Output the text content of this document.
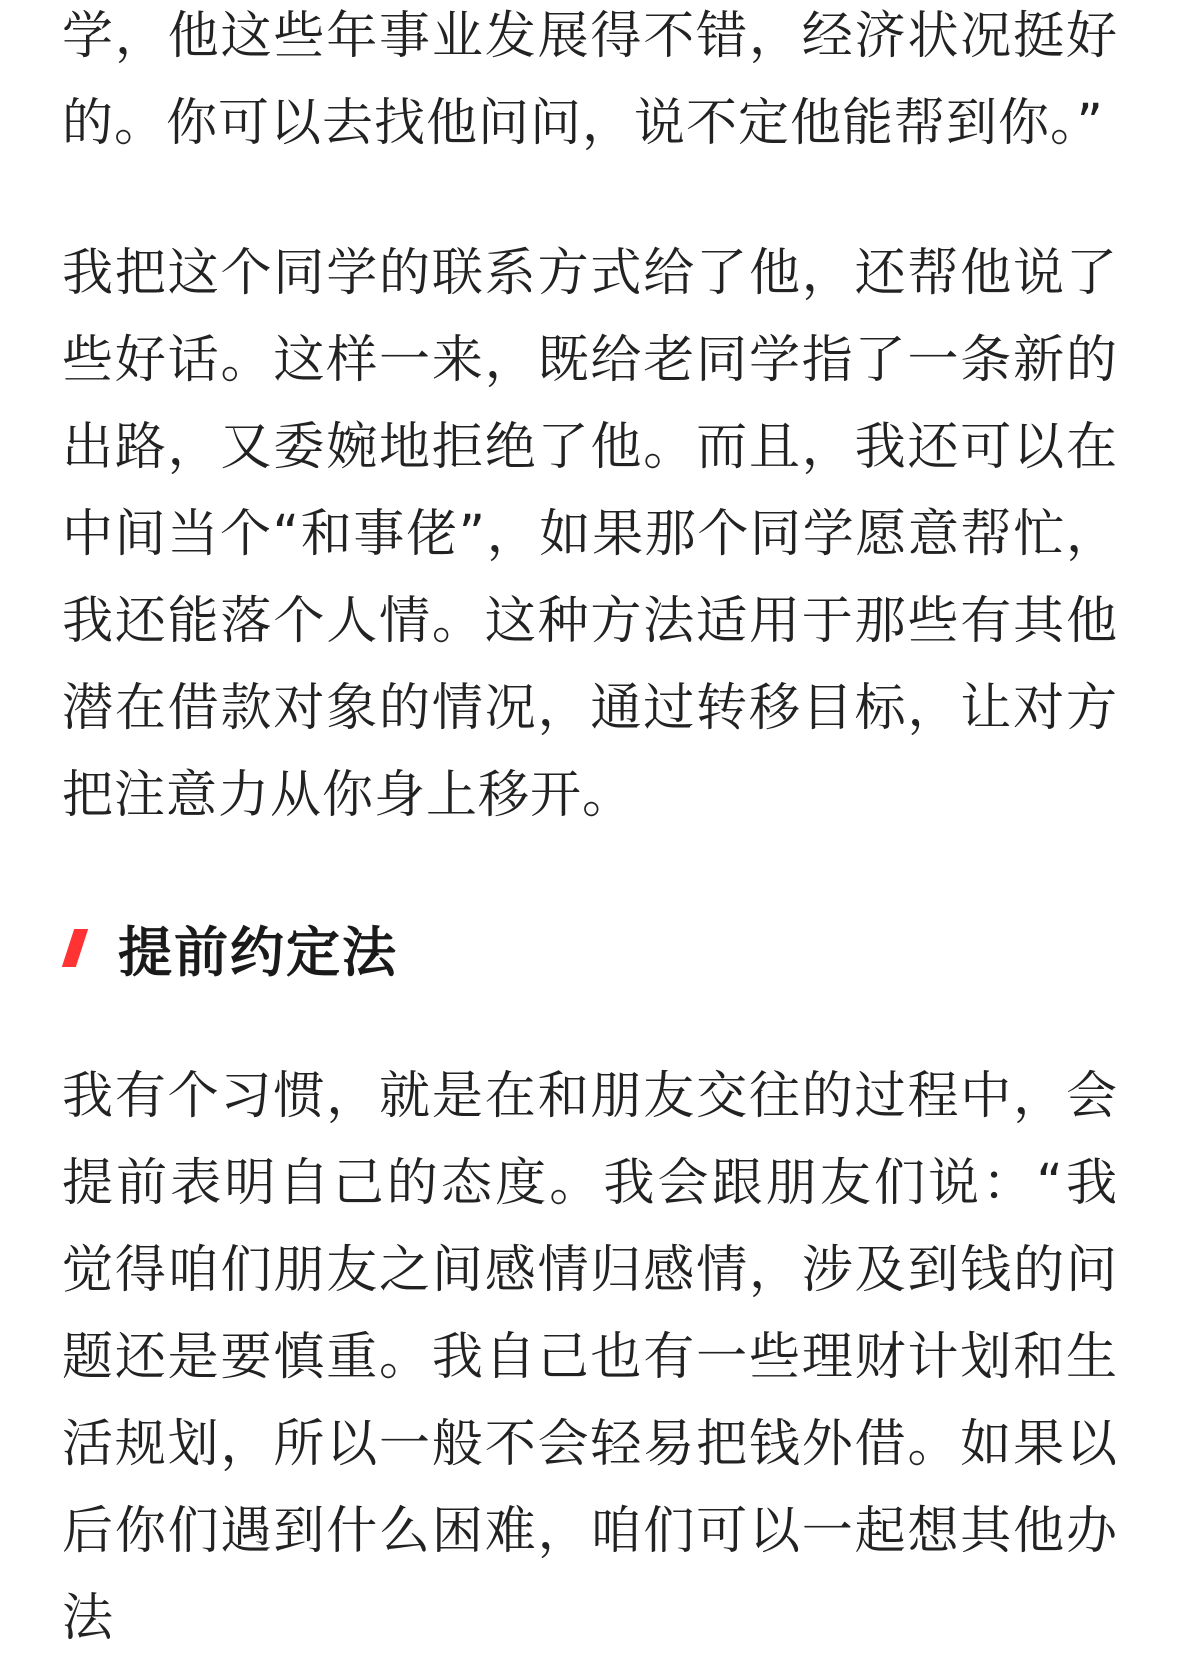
学，他这些年事业发展得不错，经济状况挺好的。你可以去找他问问，说不定他能帮到你。”

我把这个同学的联系方式给了他，还帮他说了些好话。这样一来，既给老同学指了一条新的出路，又委婉地拒绝了他。而且，我还可以在中间当个“和事佬”，如果那个同学愿意帮忙，我还能落个人情。这种方法适用于那些有其他潜在借款对象的情况，通过转移目标，让对方把注意力从你身上移开。

提前约定法

我有个习惯，就是在和朋友交往的过程中，会提前表明自己的态度。我会跟朋友们说：“我觉得咱们朋友之间感情归感情，涉及到钱的问题还是要慎重。我自己也有一些理财计划和生活规划，所以一般不会轻易把钱外借。如果以后你们遇到什么困难，咱们可以一起想其他办法
